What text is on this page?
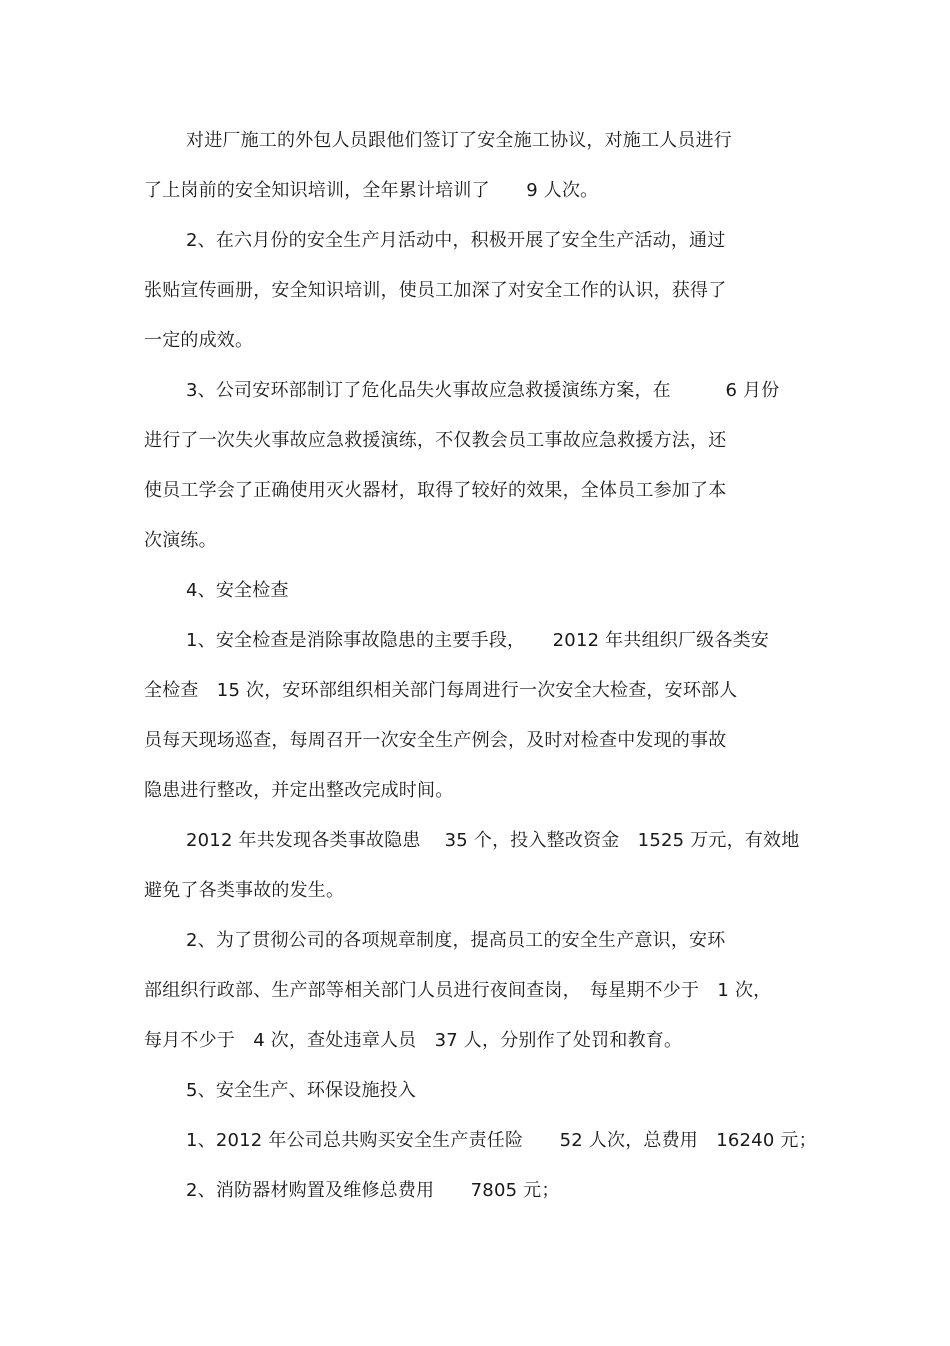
对进厂施工的外包人员跟他们签订了安全施工协议，对施工人员进行
了上岗前的安全知识培训，全年累计培训了　　9 人次。
2、在六月份的安全生产月活动中，积极开展了安全生产活动，通过
张贴宣传画册，安全知识培训，使员工加深了对安全工作的认识，获得了
一定的成效。
3、公司安环部制订了危化品失火事故应急救援演练方案，在　　　6 月份
进行了一次失火事故应急救援演练，不仅教会员工事故应急救援方法，还
使员工学会了正确使用灭火器材，取得了较好的效果，全体员工参加了本
次演练。
4、安全检查
1、安全检查是消除事故隐患的主要手段，　　2012 年共组织厂级各类安
全检查　15 次，安环部组织相关部门每周进行一次安全大检查，安环部人
员每天现场巡查，每周召开一次安全生产例会，及时对检查中发现的事故
隐患进行整改，并定出整改完成时间。
2012 年共发现各类事故隐患　 35 个，投入整改资金　1525 万元，有效地
避免了各类事故的发生。
2、为了贯彻公司的各项规章制度，提高员工的安全生产意识，安环
部组织行政部、生产部等相关部门人员进行夜间查岗，　每星期不少于　1 次，
每月不少于　4 次，查处违章人员　37 人，分别作了处罚和教育。
5、安全生产、环保设施投入
1、2012 年公司总共购买安全生产责任险　　52 人次，总费用　16240 元；
2、消防器材购置及维修总费用　　7805 元；
